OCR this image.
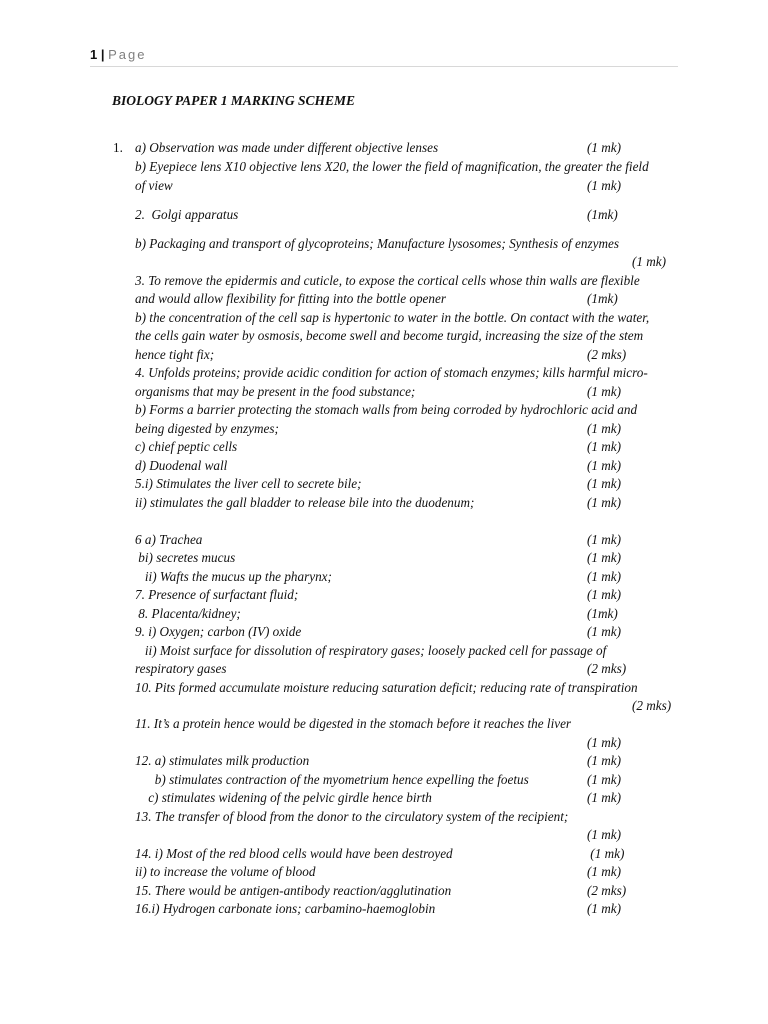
1 | Page
BIOLOGY PAPER 1 MARKING SCHEME
1. a) Observation was made under different objective lenses	(1 mk)
b) Eyepiece lens X10 objective lens X20, the lower the field of magnification, the greater the field
of view	(1 mk)
2.  Golgi apparatus	(1mk)
b) Packaging and transport of glycoproteins; Manufacture lysosomes; Synthesis of enzymes
(1 mk)
3. To remove the epidermis and cuticle, to expose the cortical cells whose thin walls are flexible
and would allow flexibility for fitting into the bottle opener	(1mk)
b) the concentration of the cell sap is hypertonic to water in the bottle. On contact with the water,
the cells gain water by osmosis, become swell and become turgid, increasing the size of the stem
hence tight fix;	(2 mks)
4. Unfolds proteins; provide acidic condition for action of stomach enzymes; kills harmful micro-
organisms that may be present in the food substance;	(1 mk)
b) Forms a barrier protecting the stomach walls from being corroded by hydrochloric acid and
being digested by enzymes;	(1 mk)
c) chief peptic cells	(1 mk)
d) Duodenal wall	(1 mk)
5.i) Stimulates the liver cell to secrete bile;	(1 mk)
ii) stimulates the gall bladder to release bile into the duodenum;	(1 mk)
6 a) Trachea	(1 mk)
bi) secretes mucus	(1 mk)
ii) Wafts the mucus up the pharynx;	(1 mk)
7. Presence of surfactant fluid;	(1 mk)
8. Placenta/kidney;	(1mk)
9. i) Oxygen; carbon (IV) oxide	(1 mk)
ii) Moist surface for dissolution of respiratory gases; loosely packed cell for passage of
respiratory gases	(2 mks)
10. Pits formed accumulate moisture reducing saturation deficit; reducing rate of transpiration
(2 mks)
11. It’s a protein hence would be digested in the stomach before it reaches the liver
(1 mk)
12. a) stimulates milk production	(1 mk)
b) stimulates contraction of the myometrium hence expelling the foetus	(1 mk)
c) stimulates widening of the pelvic girdle hence birth	(1 mk)
13. The transfer of blood from the donor to the circulatory system of the recipient;
(1 mk)
14. i) Most of the red blood cells would have been destroyed	(1 mk)
ii) to increase the volume of blood	(1 mk)
15. There would be antigen-antibody reaction/agglutination	(2 mks)
16.i) Hydrogen carbonate ions; carbamino-haemoglobin	(1 mk)
